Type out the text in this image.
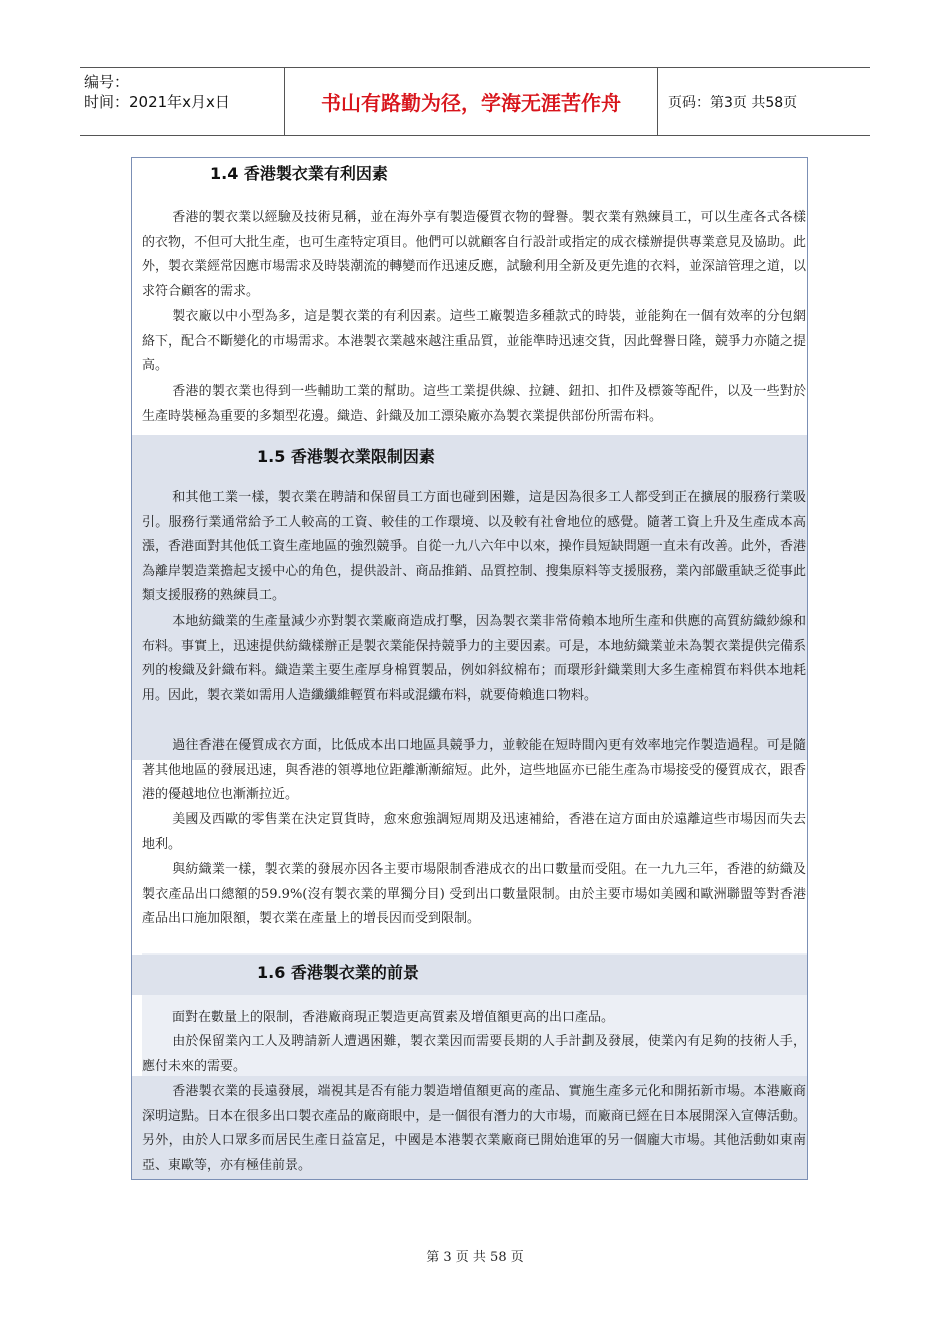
编号：
时间：2021年x月x日	书山有路勤为径，学海无涯苦作舟	页码：第3页 共58页
1.4 香港製衣業有利因素

香港的製衣業以經驗及技術見稱，並在海外享有製造優質衣物的聲譽。製衣業有熟練員工，可以生產各式各樣的衣物，不但可大批生產，也可生產特定項目。他們可以就顧客自行設計或指定的成衣樣辦提供專業意見及協助。此外，製衣業經常因應市場需求及時裝潮流的轉變而作迅速反應，試驗利用全新及更先進的衣料，並深諳管理之道，以求符合顧客的需求。

製衣廠以中小型為多，這是製衣業的有利因素。這些工廠製造多種款式的時裝，並能夠在一個有效率的分包網絡下，配合不斷變化的市場需求。本港製衣業越來越注重品質，並能準時迅速交貨，因此聲譽日隆，競爭力亦隨之提高。

香港的製衣業也得到一些輔助工業的幫助。這些工業提供線、拉鏈、鈕扣、扣件及標簽等配件，以及一些對於生產時裝極為重要的多類型花邊。織造、針織及加工漂染廠亦為製衣業提供部份所需布料。

1.5 香港製衣業限制因素

和其他工業一樣，製衣業在聘請和保留員工方面也碰到困難，這是因為很多工人都受到正在擴展的服務行業吸引。服務行業通常給予工人較高的工資、較佳的工作環境、以及較有社會地位的感覺。隨著工資上升及生產成本高漲，香港面對其他低工資生產地區的強烈競爭。自從一九八六年中以來，操作員短缺問題一直未有改善。此外，香港為離岸製造業擔起支援中心的角色，提供設計、商品推銷、品質控制、搜集原料等支援服務，業內部嚴重缺乏從事此類支援服務的熟練員工。

本地紡織業的生產量減少亦對製衣業廠商造成打擊，因為製衣業非常倚賴本地所生產和供應的高質紡織紗線和布料。事實上，迅速提供紡織樣辦正是製衣業能保持競爭力的主要因素。可是，本地紡織業並未為製衣業提供完備系列的梭織及針織布料。織造業主要生產厚身棉質製品，例如斜紋棉布；而環形針織業則大多生產棉質布料供本地耗用。因此，製衣業如需用人造纖纖維輕質布料或混纖布料，就要倚賴進口物料。

過往香港在優質成衣方面，比低成本出口地區具競爭力，並較能在短時間內更有效率地完作製造過程。可是隨著其他地區的發展迅速，與香港的領導地位距離漸漸縮短。此外，這些地區亦已能生產為市場接受的優質成衣，跟香港的優越地位也漸漸拉近。

美國及西歐的零售業在決定買貨時，愈來愈強調短周期及迅速補給，香港在這方面由於遠離這些市場因而失去地利。

與紡織業一樣，製衣業的發展亦因各主要市場限制香港成衣的出口數量而受阻。在一九九三年，香港的紡織及製衣產品出口總額的59.9%(沒有製衣業的單獨分目) 受到出口數量限制。由於主要市場如美國和歐洲聯盟等對香港產品出口施加限額，製衣業在產量上的增長因而受到限制。

1.6 香港製衣業的前景

面對在數量上的限制，香港廠商現正製造更高質素及增值額更高的出口產品。

由於保留業內工人及聘請新人遭遇困難，製衣業因而需要長期的人手計劃及發展，使業內有足夠的技術人手，應付未來的需要。

香港製衣業的長遠發展，端視其是否有能力製造增值額更高的產品、實施生產多元化和開拓新市場。本港廠商深明這點。日本在很多出口製衣產品的廠商眼中，是一個很有潛力的大市場，而廠商已經在日本展開深入宣傳活動。另外，由於人口眾多而居民生產日益富足，中國是本港製衣業廠商已開始進軍的另一個龐大市場。其他活動如東南亞、東歐等，亦有極佳前景。

第 3 页 共 58 页
